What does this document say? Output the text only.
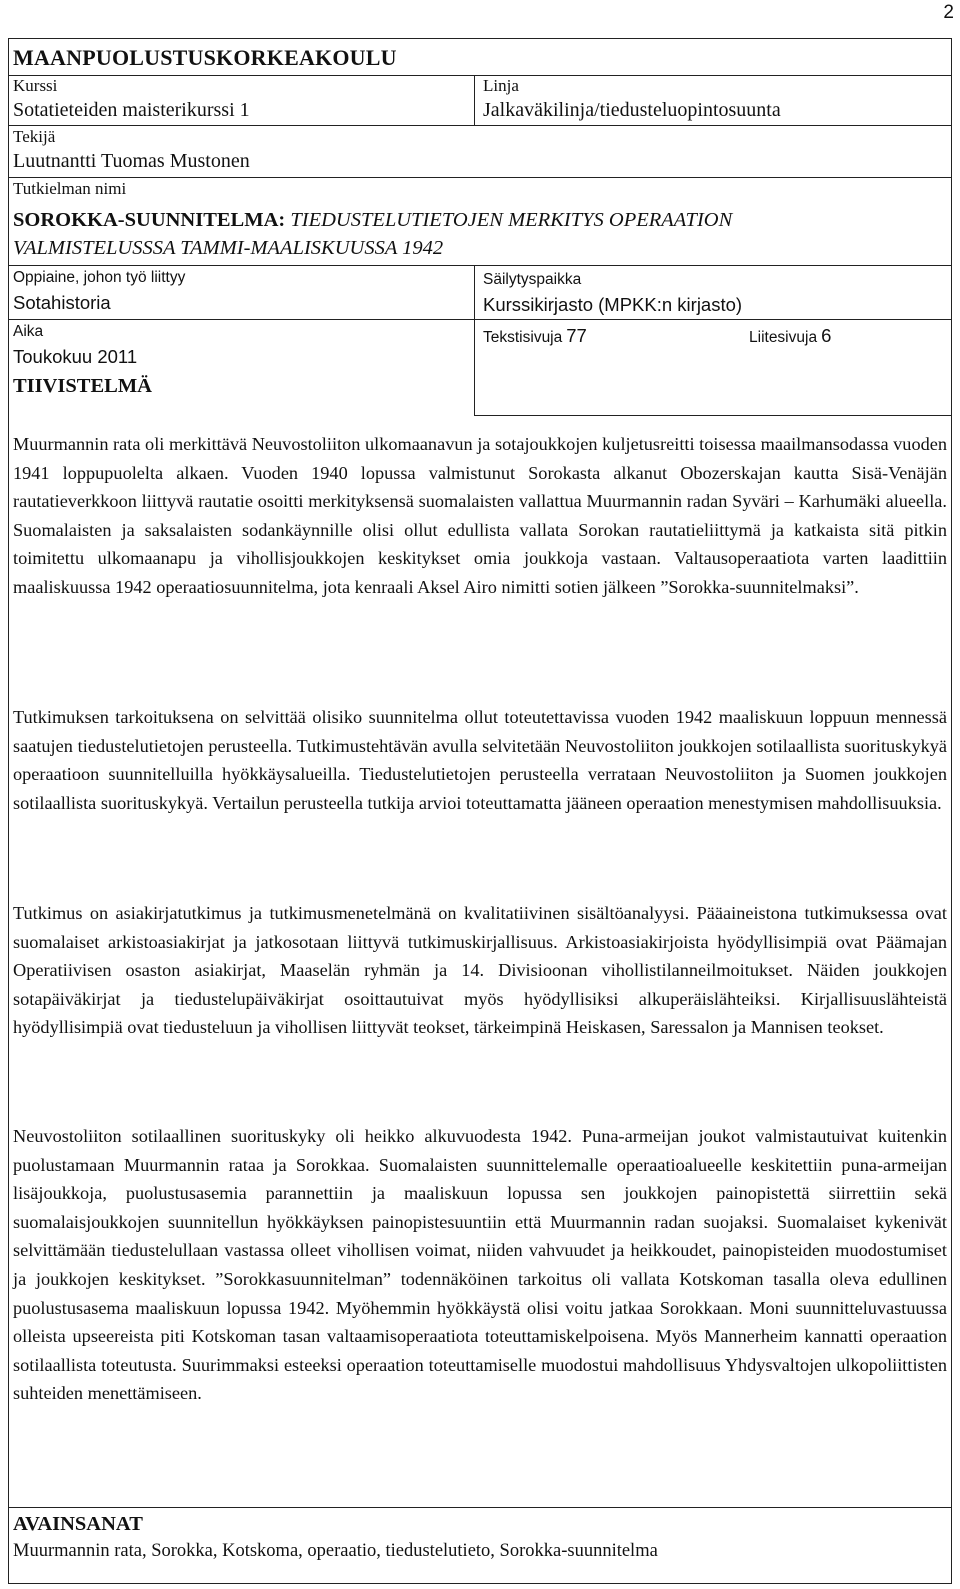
2
MAANPUOLUSTUSKORKEAKOULU
Kurssi
Sotatieteiden maisterikurssi 1
Linja
Jalkaväkilinja/tiedusteluopintosuunta
Tekijä
Luutnantti Tuomas Mustonen
Tutkielman nimi
SOROKKA-SUUNNITELMA: TIEDUSTELUTIETOJEN MERKITYS OPERAATION
VALMISTELUSSSA TAMMI-MAALISKUUSSA 1942
Oppiaine, johon työ liittyy
Sotahistoria
Säilytyspaikka
Kurssikirjasto (MPKK:n kirjasto)
Aika
Toukokuu 2011
Tekstisivuja 77	Liitesivuja 6
TIIVISTELMÄ
Muurmannin rata oli merkittävä Neuvostoliiton ulkomaanavun ja sotajoukkojen kuljetusreitti toisessa maailmansodassa vuoden 1941 loppupuolelta alkaen. Vuoden 1940 lopussa valmistunut Sorokasta alkanut Obozerskajan kautta Sisä-Venäjän rautatieverkkoon liittyvä rautatie osoitti merkityksensä suomalaisten vallattua Muurmannin radan Syväri – Karhumäki alueella. Suomalaisten ja saksalaisten sodankäynnille olisi ollut edullista vallata Sorokan rautatieliittymä ja katkaista sitä pitkin toimitettu ulkomaanapu ja vihollisjoukkojen keskitykset omia joukkoja vastaan. Valtausoperaatiota varten laadittiin maaliskuussa 1942 operaatiosuunnitelma, jota kenraali Aksel Airo nimitti sotien jälkeen ”Sorokka-suunnitelmaksi”.
Tutkimuksen tarkoituksena on selvittää olisiko suunnitelma ollut toteutettavissa vuoden 1942 maaliskuun loppuun mennessä saatujen tiedustelutietojen perusteella. Tutkimustehtävän avulla selvitetään Neuvostoliiton joukkojen sotilaallista suorituskykyä operaatioon suunnitelluilla hyökkäysalueilla. Tiedustelutietojen perusteella verrataan Neuvostoliiton ja Suomen joukkojen sotilaallista suorituskykyä. Vertailun perusteella tutkija arvioi toteuttamatta jääneen operaation menestymisen mahdollisuuksia.
Tutkimus on asiakirjatutkimus ja tutkimusmenetelmänä on kvalitatiivinen sisältöanalyysi. Pääaineistona tutkimuksessa ovat suomalaiset arkistoasiakirjat ja jatkosotaan liittyvä tutkimuskirjallisuus. Arkistoasiakirjoista hyödyllisimpiä ovat Päämajan Operatiivisen osaston asiakirjat, Maaselän ryhmän ja 14. Divisioonan vihollistilanneilmoitukset. Näiden joukkojen sotapäiväkirjat ja tiedustelupäiväkirjat osoittautuivat myös hyödyllisiksi alkuperäislähteiksi. Kirjallisuuslähteistä hyödyllisimpiä ovat tiedusteluun ja vihollisen liittyvät teokset, tärkeimpinä Heiskasen, Saressalon ja Mannisen teokset.
Neuvostoliiton sotilaallinen suorituskyky oli heikko alkuvuodesta 1942. Puna-armeijan joukot valmistautuivat kuitenkin puolustamaan Muurmannin rataa ja Sorokkaa. Suomalaisten suunnittelemalle operaatioalueelle keskitettiin puna-armeijan lisäjoukkoja, puolustusasemia parannettiin ja maaliskuun lopussa sen joukkojen painopistettä siirrettiin sekä suomalaisjoukkojen suunnitellun hyökkäyksen painopistesuuntiin että Muurmannin radan suojaksi. Suomalaiset kykenivät selvittämään tiedustelullaan vastassa olleet vihollisen voimat, niiden vahvuudet ja heikkoudet, painopisteiden muodostumiset ja joukkojen keskitykset. ”Sorokkasuunnitelman” todennäköinen tarkoitus oli vallata Kotskoman tasalla oleva edullinen puolustusasema maaliskuun lopussa 1942. Myöhemmin hyökkäystä olisi voitu jatkaa Sorokkaan. Moni suunnitteluvastuussa olleista upseereista piti Kotskoman tasan valtaamisoperaatiota toteuttamiskelpoisena. Myös Mannerheim kannatti operaation sotilaallista toteutusta. Suurimmaksi esteeksi operaation toteuttamiselle muodostui mahdollisuus Yhdysvaltojen ulkopoliittisten suhteiden menettämiseen.
AVAINSANAT
Muurmannin rata, Sorokka, Kotskoma, operaatio, tiedustelutieto, Sorokka-suunnitelma
